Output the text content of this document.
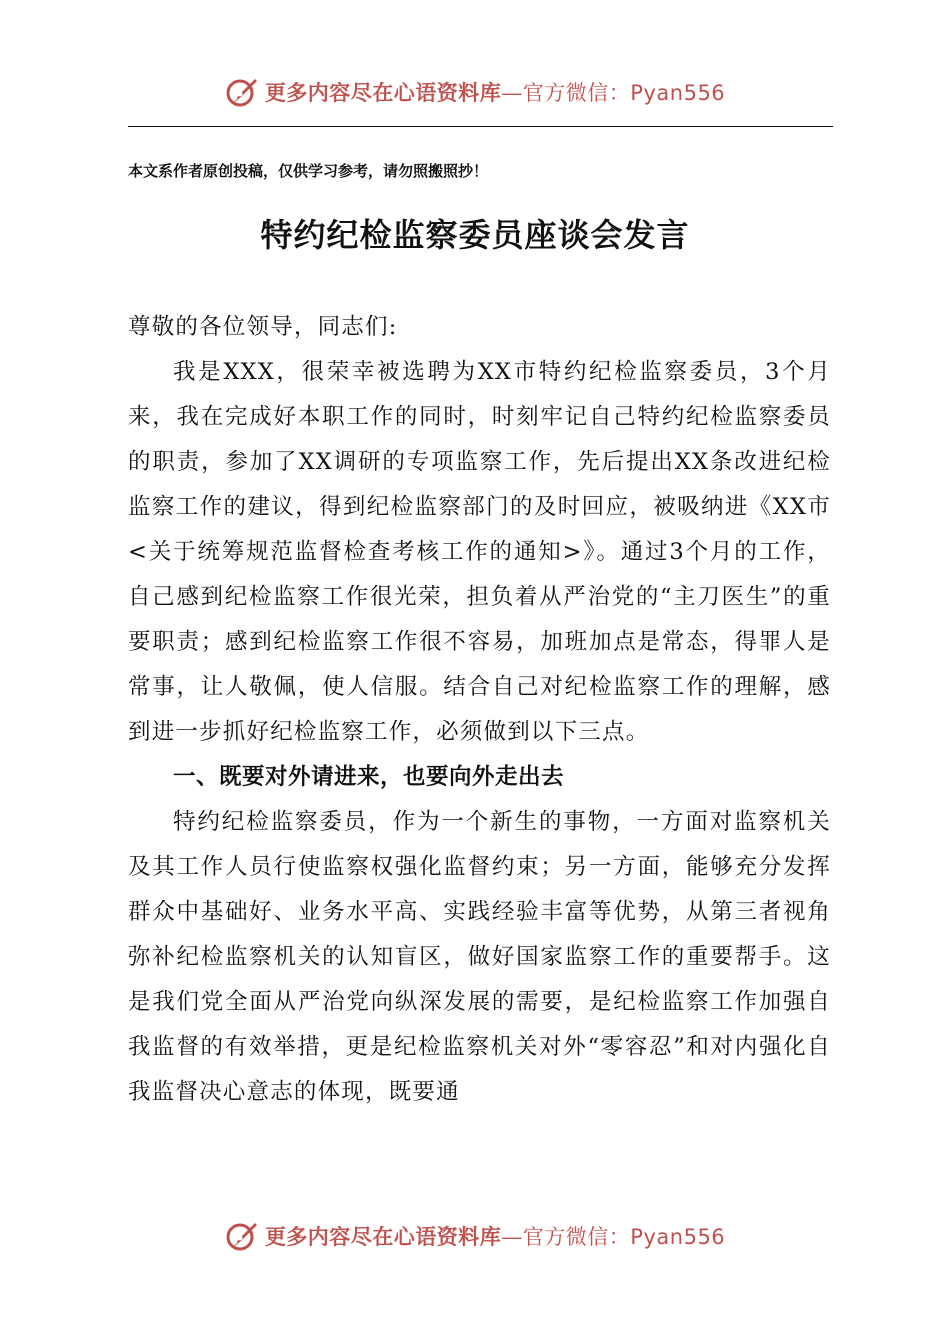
更多内容尽在心语资料库—官方微信：Pyan556
本文系作者原创投稿，仅供学习参考，请勿照搬照抄！
特约纪检监察委员座谈会发言

尊敬的各位领导，同志们:

我是XXX，很荣幸被选聘为XX市特约纪检监察委员，3个月来，我在完成好本职工作的同时，时刻牢记自己特约纪检监察委员的职责，参加了XX调研的专项监察工作，先后提出XX条改进纪检监察工作的建议，得到纪检监察部门的及时回应，被吸纳进《XX市<关于统筹规范监督检查考核工作的通知>》。通过3个月的工作，自己感到纪检监察工作很光荣，担负着从严治党的“主刀医生”的重要职责；感到纪检监察工作很不容易，加班加点是常态，得罪人是常事，让人敬佩，使人信服。结合自己对纪检监察工作的理解，感到进一步抓好纪检监察工作，必须做到以下三点。

一、既要对外请进来，也要向外走出去

特约纪检监察委员，作为一个新生的事物，一方面对监察机关及其工作人员行使监察权强化监督约束；另一方面，能够充分发挥群众中基础好、业务水平高、实践经验丰富等优势，从第三者视角弥补纪检监察机关的认知盲区，做好国家监察工作的重要帮手。这是我们党全面从严治党向纵深发展的需要，是纪检监察工作加强自我监督的有效举措，更是纪检监察机关对外“零容忍”和对内强化自我监督决心意志的体现，既要通

更多内容尽在心语资料库—官方微信：Pyan556
